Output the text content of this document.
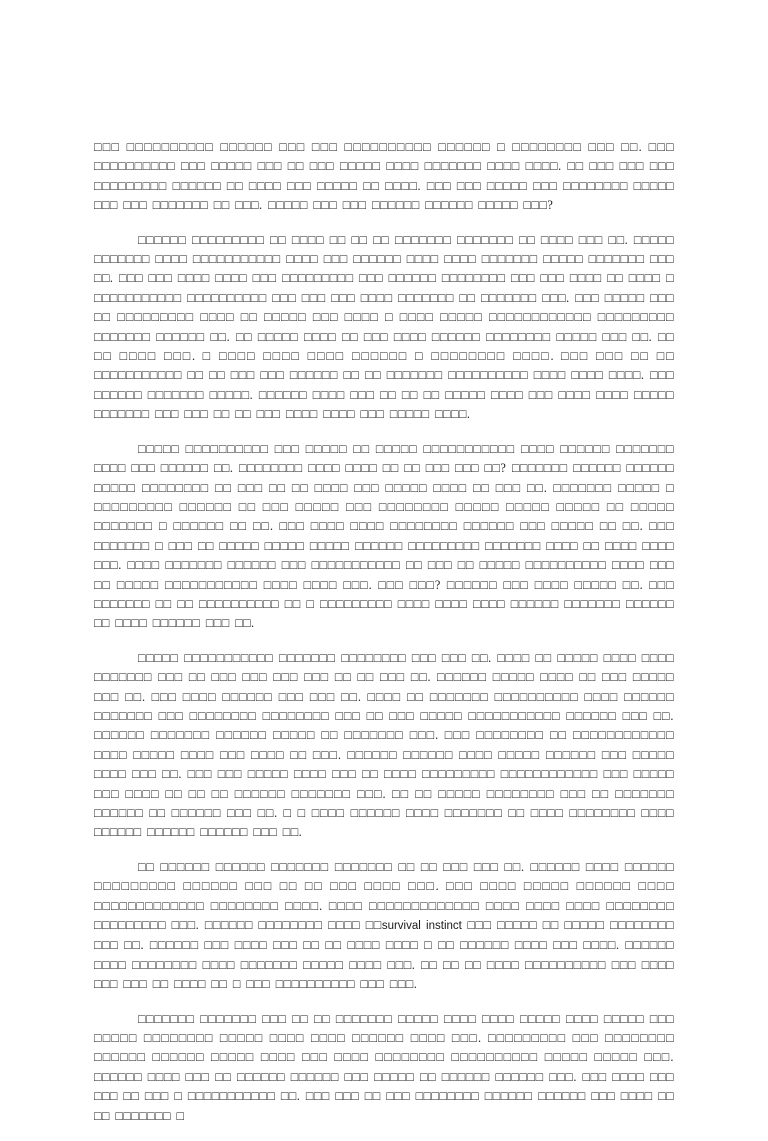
□□□ □□□□□□□□□□ □□□□□□ □□□ □□□ □□□□□□□□□□ □□□□□□ □ □□□□□□□□ □□□ □□. □□□ □□□□□□□□□□ □□□ □□□□□ □□□ □□ □□□ □□□□□ □□□□ □□□□□□□ □□□□ □□□□. □□ □□□ □□□ □□□ □□□□□□□□□ □□□□□□ □□ □□□□ □□□ □□□□□ □□ □□□□. □□□ □□□ □□□□□ □□□ □□□□□□□□ □□□□□ □□□ □□□ □□□□□□□ □□ □□□. □□□□□ □□□ □□□ □□□□□□ □□□□□□ □□□□□ □□□?

□□□□□□ □□□□□□□□□ □□ □□□□ □□ □□ □□ □□□□□□□ □□□□□□□ □□ □□□□ □□□ □□. □□□□□ □□□□□□□ □□□□ □□□□□□□□□□□ □□□□ □□□ □□□□□□ □□□□ □□□□ □□□□□□□ □□□□□ □□□□□□□ □□□ □□. □□□ □□□ □□□□ □□□□ □□□ □□□□□□□□□ □□□ □□□□□□ □□□□□□□□ □□□ □□□ □□□□ □□ □□□□ □ □□□□□□□□□□□ □□□□□□□□□□ □□□ □□□ □□□ □□□□ □□□□□□□ □□ □□□□□□□ □□□. □□□ □□□□□ □□□ □□ □□□□□□□□□ □□□□ □□ □□□□□ □□□ □□□□ □ □□□□ □□□□□ □□□□□□□□□□□□ □□□□□□□□□ □□□□□□□ □□□□□□ □□. □□ □□□□□ □□□□ □□ □□□ □□□□ □□□□□□ □□□□□□□□ □□□□□ □□□ □□. □□ □□ □□□□ □□□. □ □□□□ □□□□ □□□□ □□□□□□ □ □□□□□□□□ □□□□. □□□ □□□ □□ □□ □□□□□□□□□□□ □□ □□ □□□ □□□ □□□□□□ □□ □□ □□□□□□□ □□□□□□□□□□ □□□□ □□□□ □□□□. □□□ □□□□□□ □□□□□□□ □□□□□. □□□□□□ □□□□ □□□ □□ □□ □□ □□□□□ □□□□ □□□ □□□□ □□□□ □□□□□ □□□□□□□ □□□ □□□ □□ □□ □□□ □□□□ □□□□ □□□ □□□□□ □□□□.

□□□□□ □□□□□□□□□□ □□□ □□□□□ □□ □□□□□ □□□□□□□□□□□ □□□□ □□□□□□ □□□□□□□ □□□□ □□□ □□□□□□ □□. □□□□□□□□ □□□□ □□□□ □□ □□ □□□ □□□ □□? □□□□□□□ □□□□□□ □□□□□□ □□□□□ □□□□□□□□ □□ □□□ □□ □□ □□□□ □□□ □□□□□ □□□□ □□ □□□ □□. □□□□□□□ □□□□□ □ □□□□□□□□□ □□□□□□ □□ □□□ □□□□□ □□□ □□□□□□□□ □□□□□ □□□□□ □□□□□ □□ □□□□□ □□□□□□□ □ □□□□□□ □□ □□. □□□ □□□□ □□□□ □□□□□□□□ □□□□□□ □□□ □□□□□ □□ □□. □□□ □□□□□□□ □ □□□ □□ □□□□□ □□□□□ □□□□□ □□□□□□ □□□□□□□□□ □□□□□□□ □□□□ □□ □□□□ □□□□ □□□. □□□□ □□□□□□□ □□□□□□ □□□ □□□□□□□□□□□ □□ □□□ □□ □□□□□ □□□□□□□□□□ □□□□ □□□ □□ □□□□□ □□□□□□□□□□□ □□□□ □□□□ □□□. □□□ □□□? □□□□□□ □□□ □□□□ □□□□□ □□. □□□ □□□□□□□ □□ □□ □□□□□□□□□□ □□ □ □□□□□□□□□ □□□□ □□□□ □□□□ □□□□□□ □□□□□□□ □□□□□□ □□ □□□□ □□□□□□ □□□ □□.

□□□□□ □□□□□□□□□□□ □□□□□□□ □□□□□□□□ □□□ □□□ □□. □□□□ □□ □□□□□ □□□□ □□□□ □□□□□□□ □□□ □□ □□□ □□□ □□□ □□□ □□ □□ □□□ □□. □□□□□□ □□□□□ □□□□ □□ □□□ □□□□□ □□□ □□. □□□ □□□□ □□□□□□ □□□ □□□ □□. □□□□ □□ □□□□□□□ □□□□□□□□□□ □□□□ □□□□□□ □□□□□□□ □□□ □□□□□□□□ □□□□□□□□ □□□ □□ □□□ □□□□□ □□□□□□□□□□□ □□□□□□ □□□ □□. □□□□□□ □□□□□□□ □□□□□□ □□□□□ □□ □□□□□□□ □□□. □□□ □□□□□□□□ □□ □□□□□□□□□□□□ □□□□ □□□□□ □□□□ □□□ □□□□ □□ □□□. □□□□□□ □□□□□□ □□□□ □□□□□ □□□□□□ □□□ □□□□□ □□□□ □□□ □□. □□□ □□□ □□□□□ □□□□ □□□ □□ □□□□ □□□□□□□□□ □□□□□□□□□□□□ □□□ □□□□□ □□□ □□□□ □□ □□ □□ □□□□□□ □□□□□□□ □□□. □□ □□ □□□□□ □□□□□□□□ □□□ □□ □□□□□□□ □□□□□□ □□ □□□□□□ □□□ □□. □ □ □□□□ □□□□□□ □□□□ □□□□□□□ □□ □□□□ □□□□□□□□ □□□□ □□□□□□ □□□□□□ □□□□□□ □□□ □□.

□□ □□□□□□ □□□□□□ □□□□□□□ □□□□□□□ □□ □□ □□□ □□□ □□. □□□□□□ □□□□ □□□□□□ □□□□□□□□□ □□□□□□ □□□ □□ □□ □□□ □□□□ □□□. □□□ □□□□ □□□□□ □□□□□□ □□□□ □□□□□□□□□□□□□ □□□□□□□□ □□□□. □□□□ □□□□□□□□□□□□□ □□□□ □□□□ □□□□ □□□□□□□□ □□□□□□□□□ □□□. □□□□□□ □□□□□□□□ □□□□ □□survival instinct □□□ □□□□□ □□ □□□□□ □□□□□□□□ □□□ □□. □□□□□□ □□□ □□□□ □□□ □□ □□ □□□□ □□□□ □ □□ □□□□□□ □□□□ □□□ □□□□. □□□□□□ □□□□ □□□□□□□□ □□□□ □□□□□□□ □□□□□ □□□□ □□□. □□ □□ □□ □□□□ □□□□□□□□□□ □□□ □□□□ □□□ □□□ □□ □□□□ □□ □ □□□ □□□□□□□□□□ □□□ □□□.

□□□□□□□ □□□□□□□ □□□ □□ □□ □□□□□□□ □□□□□ □□□□ □□□□ □□□□□ □□□□ □□□□□ □□□ □□□□□ □□□□□□□□ □□□□□ □□□□ □□□□ □□□□□□ □□□□ □□□. □□□□□□□□□ □□□ □□□□□□□□ □□□□□□ □□□□□□ □□□□□ □□□□ □□□ □□□□ □□□□□□□□ □□□□□□□□□□ □□□□□ □□□□□ □□□. □□□□□□ □□□□ □□□ □□ □□□□□□ □□□□□□ □□□ □□□□□ □□ □□□□□□ □□□□□□ □□□. □□□ □□□□ □□□ □□□ □□ □□□ □ □□□□□□□□□□□ □□. □□□ □□□ □□ □□□ □□□□□□□□ □□□□□□ □□□□□□ □□□ □□□□ □□ □□ □□□□□□□ □
